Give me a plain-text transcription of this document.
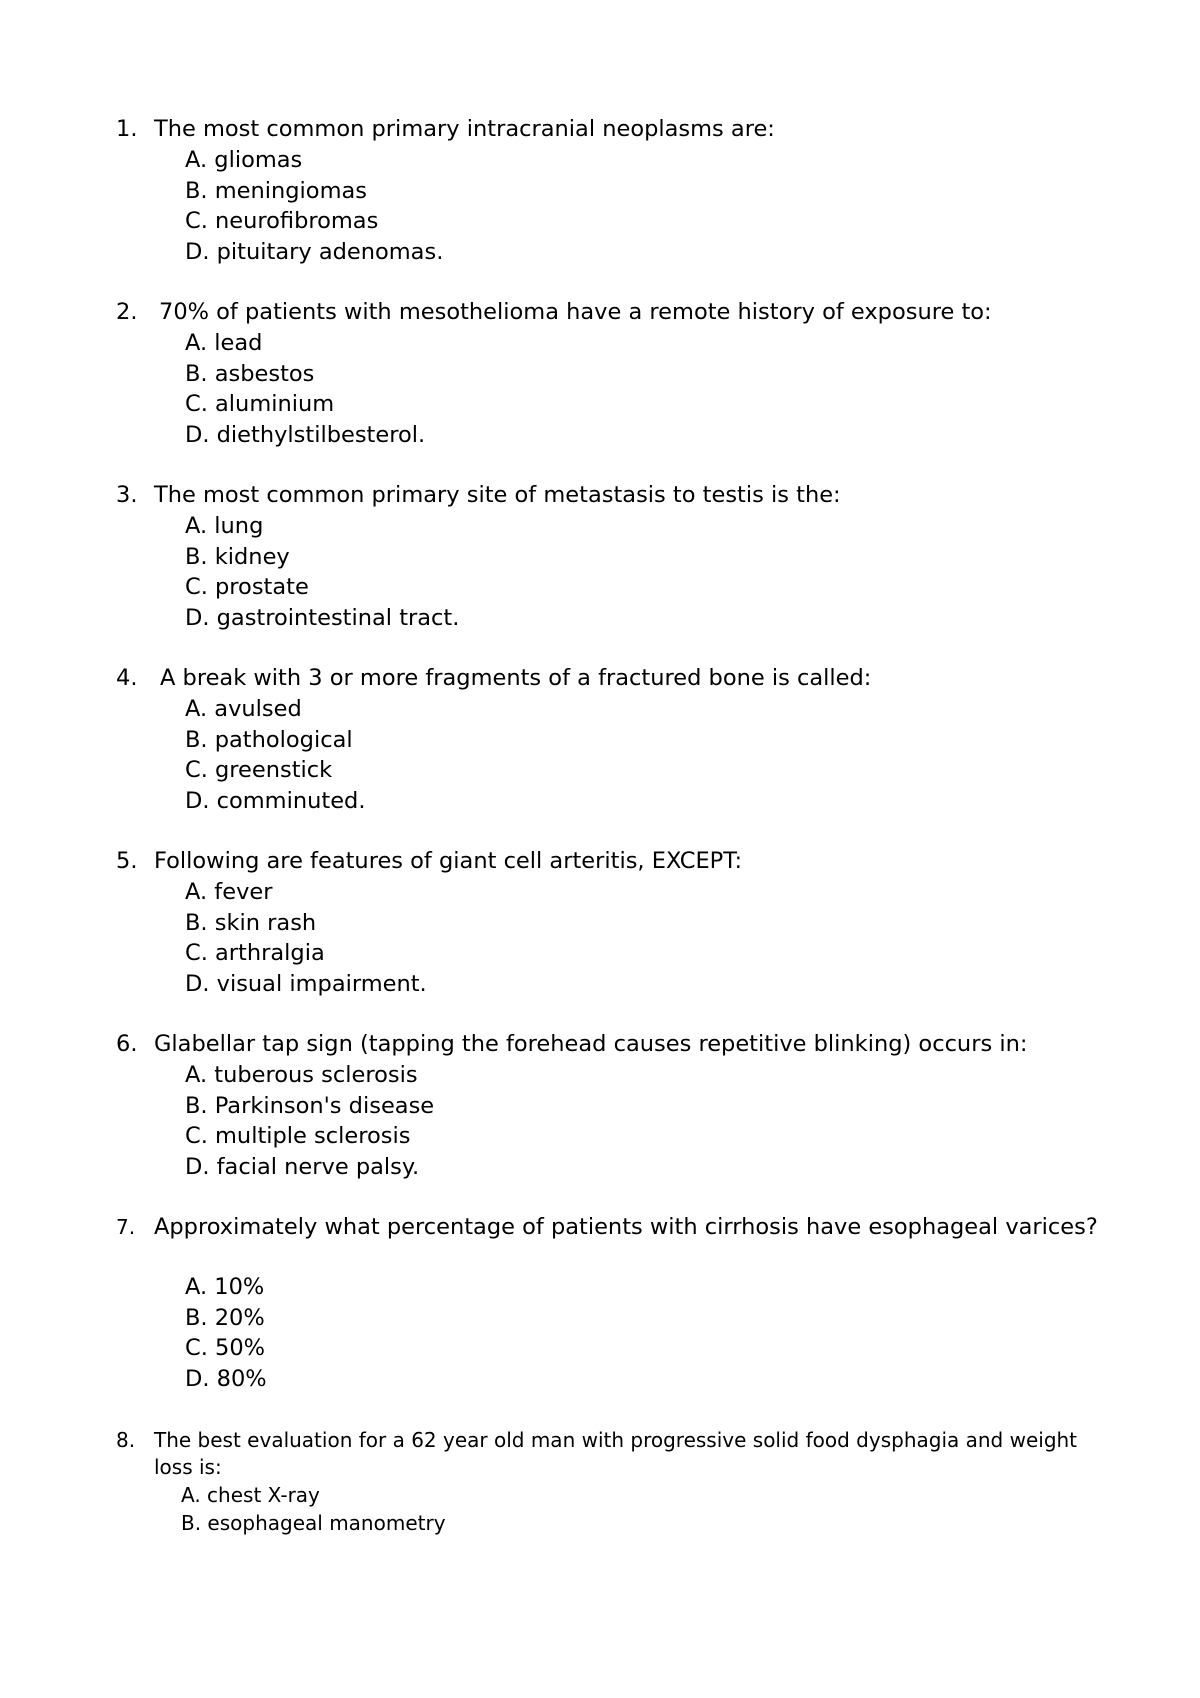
1. The most common primary intracranial neoplasms are:
A. gliomas
B. meningiomas
C. neurofibromas
D. pituitary adenomas.
2. 70% of patients with mesothelioma have a remote history of exposure to:
A. lead
B. asbestos
C. aluminium
D. diethylstilbesterol.
3. The most common primary site of metastasis to testis is the:
A. lung
B. kidney
C. prostate
D. gastrointestinal tract.
4. A break with 3 or more fragments of a fractured bone is called:
A. avulsed
B. pathological
C. greenstick
D. comminuted.
5. Following are features of giant cell arteritis, EXCEPT:
A. fever
B. skin rash
C. arthralgia
D. visual impairment.
6. Glabellar tap sign (tapping the forehead causes repetitive blinking) occurs in:
A. tuberous sclerosis
B. Parkinson's disease
C. multiple sclerosis
D. facial nerve palsy.
7. Approximately what percentage of patients with cirrhosis have esophageal varices?
A. 10%
B. 20%
C. 50%
D. 80%
8. The best evaluation for a 62 year old man with progressive solid food dysphagia and weight loss is:
A. chest X-ray
B. esophageal manometry
